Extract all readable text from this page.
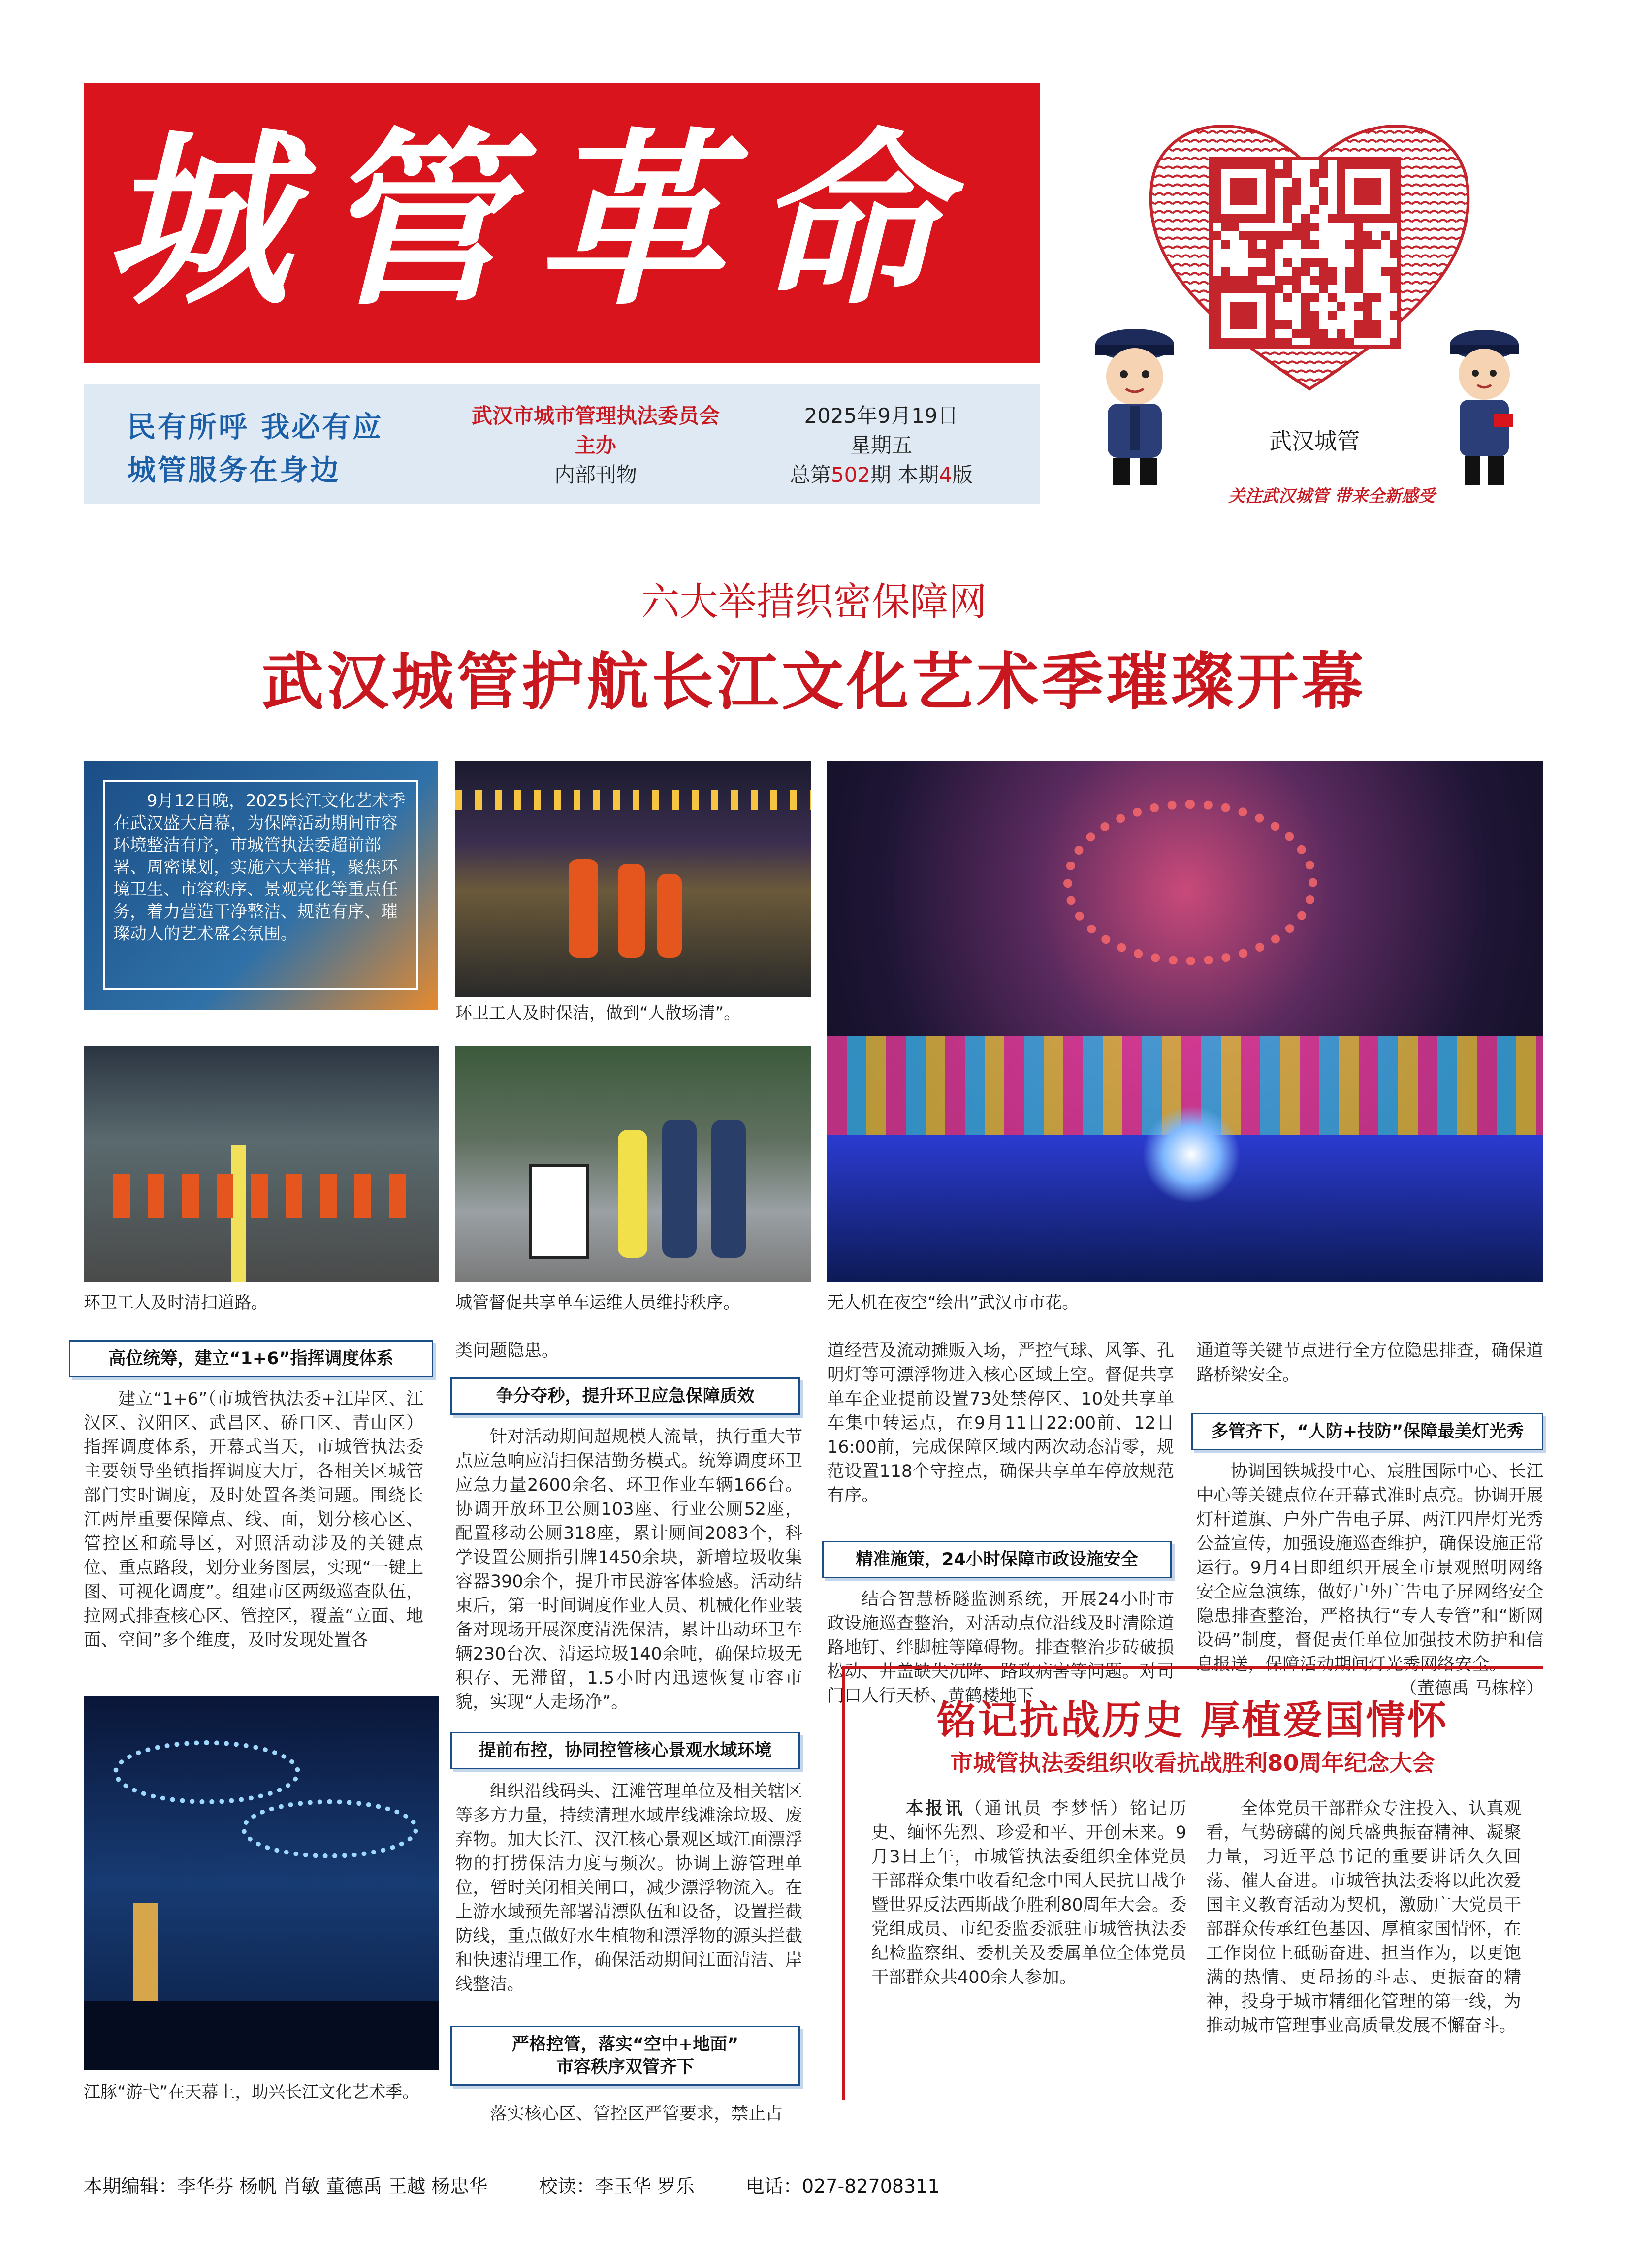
城管革命
民有所呼 我必有应
城管服务在身边
武汉市城市管理执法委员会
主办
内部刊物
2025年9月19日
星期五
总第502期 本期4版
武汉城管
关注武汉城管 带来全新感受
六大举措织密保障网
武汉城管护航长江文化艺术季璀璨开幕

9月12日晚，2025长江文化艺术季在武汉盛大启幕，为保障活动期间市容环境整洁有序，市城管执法委超前部署、周密谋划，实施六大举措，聚焦环境卫生、市容秩序、景观亮化等重点任务，着力营造干净整洁、规范有序、璀璨动人的艺术盛会氛围。

环卫工人及时保洁，做到“人散场清”。
无人机在夜空“绘出”武汉市市花。
环卫工人及时清扫道路。	城管督促共享单车运维人员维持秩序。
江豚“游弋”在天幕上，助兴长江文化艺术季。
高位统筹，建立“1+6”指挥调度体系

建立“1+6”（市城管执法委+江岸区、江汉区、汉阳区、武昌区、硚口区、青山区）指挥调度体系，开幕式当天，市城管执法委主要领导坐镇指挥调度大厅，各相关区城管部门实时调度，及时处置各类问题。围绕长江两岸重要保障点、线、面，划分核心区、管控区和疏导区，对照活动涉及的关键点位、重点路段，划分业务图层，实现“一键上图、可视化调度”。组建市区两级巡查队伍，拉网式排查核心区、管控区，覆盖“立面、地面、空间”多个维度，及时发现处置各

类问题隐患。

争分夺秒，提升环卫应急保障质效

针对活动期间超规模人流量，执行重大节点应急响应清扫保洁勤务模式。统筹调度环卫应急力量2600余名、环卫作业车辆166台。协调开放环卫公厕103座、行业公厕52座，配置移动公厕318座，累计厕间2083个，科学设置公厕指引牌1450余块，新增垃圾收集容器390余个，提升市民游客体验感。活动结束后，第一时间调度作业人员、机械化作业装备对现场开展深度清洗保洁，累计出动环卫车辆230台次、清运垃圾140余吨，确保垃圾无积存、无滞留，1.5小时内迅速恢复市容市貌，实现“人走场净”。

提前布控，协同控管核心景观水域环境

组织沿线码头、江滩管理单位及相关辖区等多方力量，持续清理水域岸线滩涂垃圾、废弃物。加大长江、汉江核心景观区域江面漂浮物的打捞保洁力度与频次。协调上游管理单位，暂时关闭相关闸口，减少漂浮物流入。在上游水域预先部署清漂队伍和设备，设置拦截防线，重点做好水生植物和漂浮物的源头拦截和快速清理工作，确保活动期间江面清洁、岸线整洁。

严格控管，落实“空中+地面”
市容秩序双管齐下

落实核心区、管控区严管要求，禁止占

道经营及流动摊贩入场，严控气球、风筝、孔明灯等可漂浮物进入核心区域上空。督促共享单车企业提前设置73处禁停区、10处共享单车集中转运点，在9月11日22:00前、12日16:00前，完成保障区域内两次动态清零，规范设置118个守控点，确保共享单车停放规范有序。

精准施策，24小时保障市政设施安全

结合智慧桥隧监测系统，开展24小时市政设施巡查整治，对活动点位沿线及时清除道路地钉、绊脚桩等障碍物。排查整治步砖破损松动、井盖缺失沉降、路政病害等问题。对司门口人行天桥、黄鹤楼地下

通道等关键节点进行全方位隐患排查，确保道路桥梁安全。

多管齐下，“人防+技防”保障最美灯光秀

协调国铁城投中心、宸胜国际中心、长江中心等关键点位在开幕式准时点亮。协调开展灯杆道旗、户外广告电子屏、两江四岸灯光秀公益宣传，加强设施巡查维护，确保设施正常运行。9月4日即组织开展全市景观照明网络安全应急演练，做好户外广告电子屏网络安全隐患排查整治，严格执行“专人专管”和“断网设码”制度，督促责任单位加强技术防护和信息报送，保障活动期间灯光秀网络安全。

（董德禹 马栋梓）

铭记抗战历史 厚植爱国情怀
市城管执法委组织收看抗战胜利80周年纪念大会

本报讯（通讯员 李梦恬）铭记历史、缅怀先烈、珍爱和平、开创未来。9月3日上午，市城管执法委组织全体党员干部群众集中收看纪念中国人民抗日战争暨世界反法西斯战争胜利80周年大会。委党组成员、市纪委监委派驻市城管执法委纪检监察组、委机关及委属单位全体党员干部群众共400余人参加。

全体党员干部群众专注投入、认真观看，气势磅礴的阅兵盛典振奋精神、凝聚力量，习近平总书记的重要讲话久久回荡、催人奋进。市城管执法委将以此次爱国主义教育活动为契机，激励广大党员干部群众传承红色基因、厚植家国情怀，在工作岗位上砥砺奋进、担当作为，以更饱满的热情、更昂扬的斗志、更振奋的精神，投身于城市精细化管理的第一线，为推动城市管理事业高质量发展不懈奋斗。

本期编辑：李华芬 杨帆 肖敏 董德禹 王越 杨忠华	校读：李玉华 罗乐	电话：027-82708311
